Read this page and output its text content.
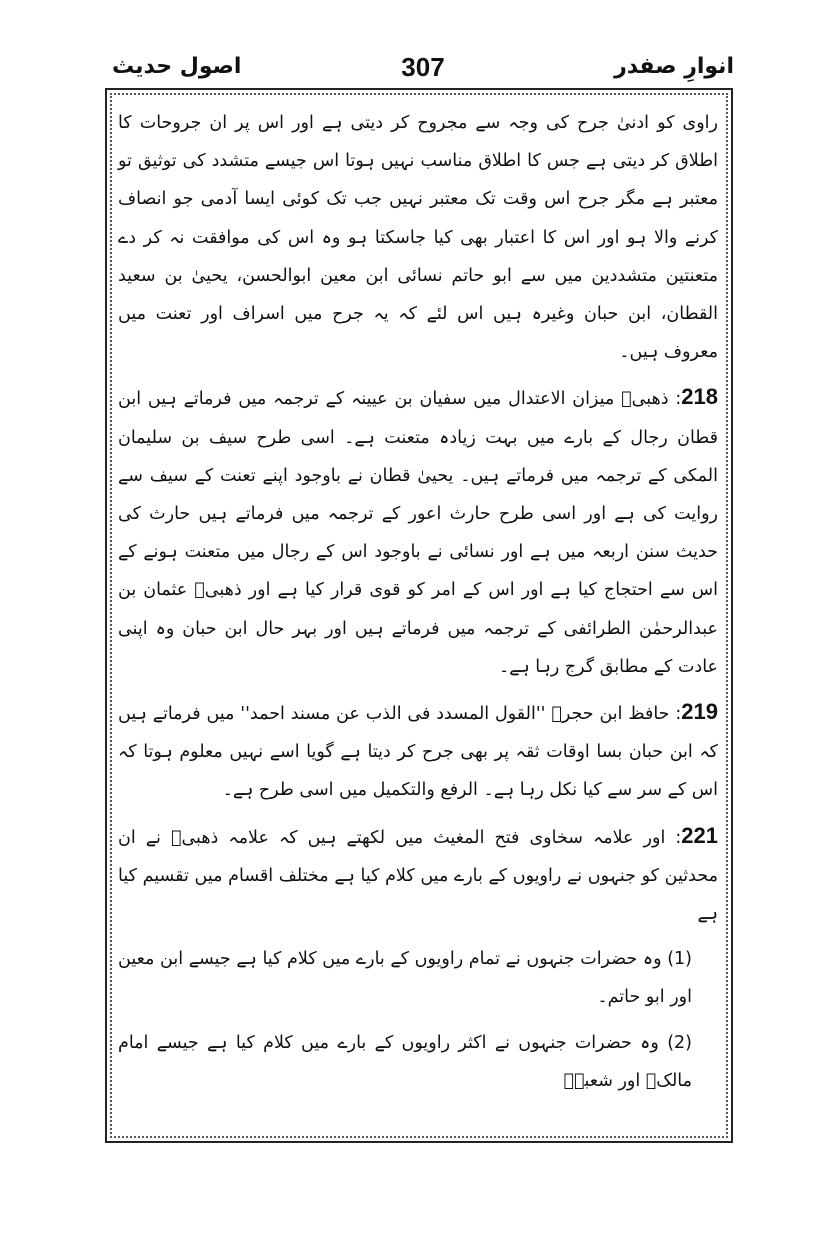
انوارِ صفدر
307
اصول حدیث

راوی کو ادنیٰ جرح کی وجہ سے مجروح کر دیتی ہے اور اس پر ان جروحات کا اطلاق کر دیتی ہے جس کا اطلاق مناسب نہیں ہوتا اس جیسے متشدد کی توثیق تو معتبر ہے مگر جرح اس وقت تک معتبر نہیں جب تک کوئی ایسا آدمی جو انصاف کرنے والا ہو اور اس کا اعتبار بھی کیا جاسکتا ہو وہ اس کی موافقت نہ کر دے متعنتین متشددین میں سے ابو حاتم نسائی ابن معین ابوالحسن، یحییٰ بن سعید القطان، ابن حبان وغیرہ ہیں اس لئے کہ یہ جرح میں اسراف اور تعنت میں معروف ہیں۔

218: ذھبیؒ میزان الاعتدال میں سفیان بن عیینہ کے ترجمہ میں فرماتے ہیں ابن قطان رجال کے بارے میں بہت زیادہ متعنت ہے۔ اسی طرح سیف بن سلیمان المکی کے ترجمہ میں فرماتے ہیں۔ یحییٰ قطان نے باوجود اپنے تعنت کے سیف سے روایت کی ہے اور اسی طرح حارث اعور کے ترجمہ میں فرماتے ہیں حارث کی حدیث سنن اربعہ میں ہے اور نسائی نے باوجود اس کے رجال میں متعنت ہونے کے اس سے احتجاج کیا ہے اور اس کے امر کو قوی قرار کیا ہے اور ذھبیؒ عثمان بن عبدالرحمٰن الطرائفی کے ترجمہ میں فرماتے ہیں اور بہر حال ابن حبان وہ اپنی عادت کے مطابق گرج رہا ہے۔

219: حافظ ابن حجرؒ ''القول المسدد فی الذب عن مسند احمد'' میں فرماتے ہیں کہ ابن حبان بسا اوقات ثقہ پر بھی جرح کر دیتا ہے گویا اسے نہیں معلوم ہوتا کہ اس کے سر سے کیا نکل رہا ہے۔ الرفع والتکمیل میں اسی طرح ہے۔

221: اور علامہ سخاوی فتح المغیث میں لکھتے ہیں کہ علامہ ذھبیؒ نے ان محدثین کو جنہوں نے راویوں کے بارے میں کلام کیا ہے مختلف اقسام میں تقسیم کیا ہے

(1) وہ حضرات جنہوں نے تمام راویوں کے بارے میں کلام کیا ہے جیسے ابن معین اور ابو حاتم۔

(2) وہ حضرات جنہوں نے اکثر راویوں کے بارے میں کلام کیا ہے جیسے امام مالکؒ اور شعبہؒ
